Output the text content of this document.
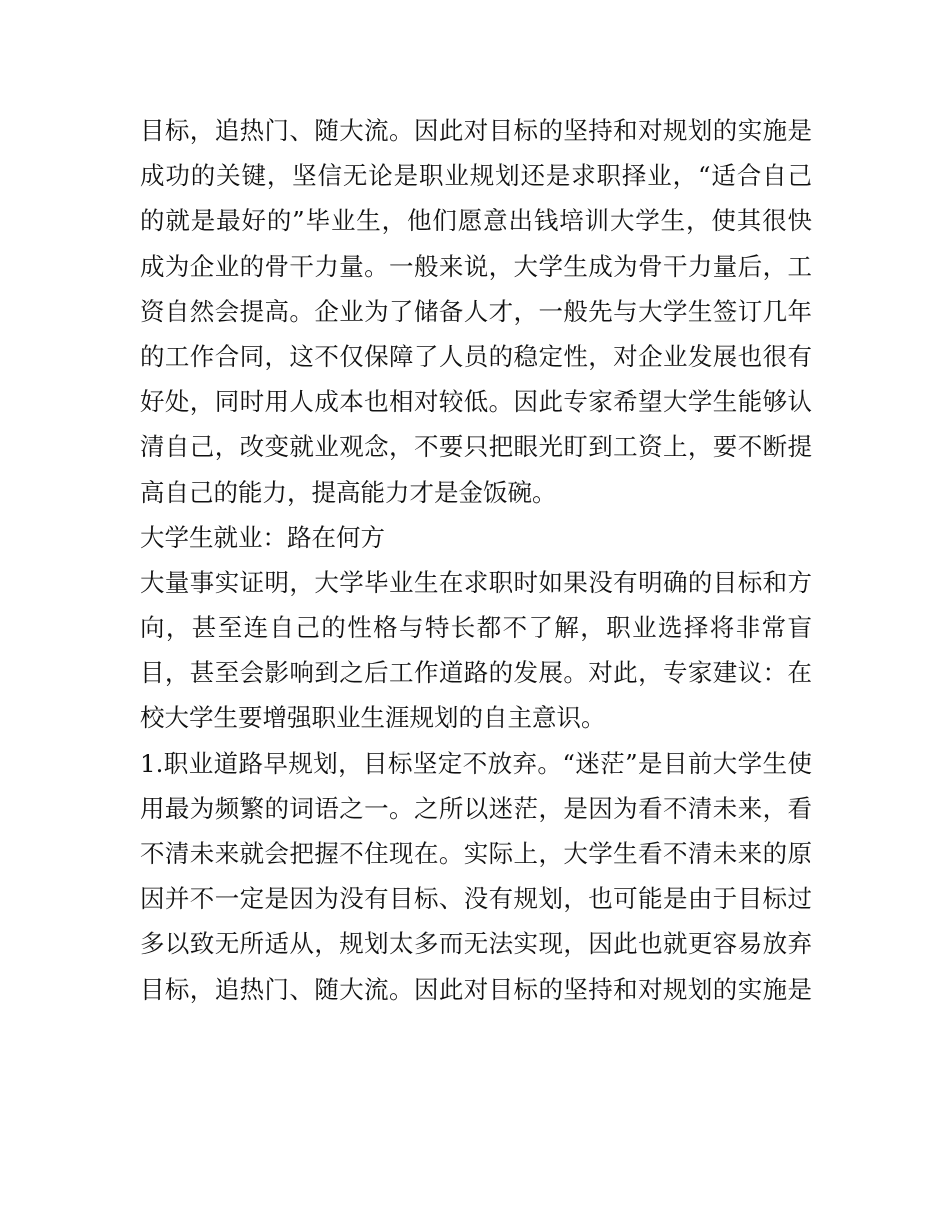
目标，追热门、随大流。因此对目标的坚持和对规划的实施是
成功的关键，坚信无论是职业规划还是求职择业，“适合自己
的就是最好的”毕业生，他们愿意出钱培训大学生，使其很快
成为企业的骨干力量。一般来说，大学生成为骨干力量后，工
资自然会提高。企业为了储备人才，一般先与大学生签订几年
的工作合同，这不仅保障了人员的稳定性，对企业发展也很有
好处，同时用人成本也相对较低。因此专家希望大学生能够认
清自己，改变就业观念，不要只把眼光盯到工资上，要不断提
高自己的能力，提高能力才是金饭碗。
大学生就业：路在何方
大量事实证明，大学毕业生在求职时如果没有明确的目标和方
向，甚至连自己的性格与特长都不了解，职业选择将非常盲
目，甚至会影响到之后工作道路的发展。对此，专家建议：在
校大学生要增强职业生涯规划的自主意识。
1.职业道路早规划，目标坚定不放弃。“迷茫”是目前大学生使
用最为频繁的词语之一。之所以迷茫，是因为看不清未来，看
不清未来就会把握不住现在。实际上，大学生看不清未来的原
因并不一定是因为没有目标、没有规划，也可能是由于目标过
多以致无所适从，规划太多而无法实现，因此也就更容易放弃
目标，追热门、随大流。因此对目标的坚持和对规划的实施是
